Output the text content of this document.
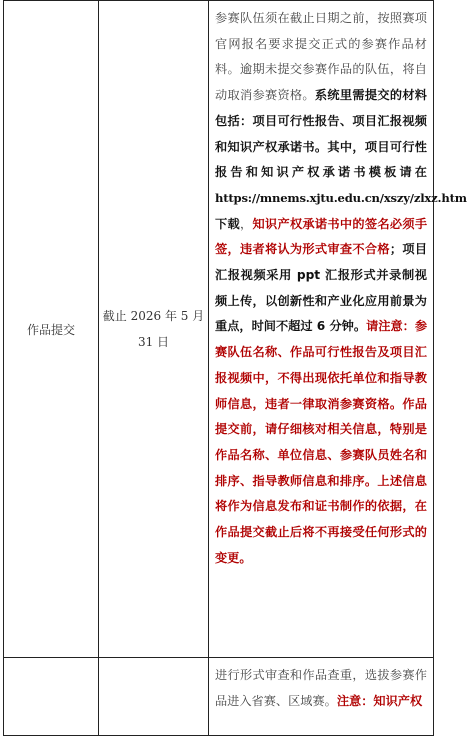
作品提交	截止 2026 年 5 月 31 日	参赛队伍须在截止日期之前，按照赛项官网报名要求提交正式的参赛作品材料。逾期未提交参赛作品的队伍，将自动取消参赛资格。系统里需提交的材料包括：项目可行性报告、项目汇报视频和知识产权承诺书。其中，项目可行性报告和知识产权承诺书模板请在https://mnems.xjtu.edu.cn/xszy/zlxz.htm下载，知识产权承诺书中的签名必须手签，违者将认为形式审查不合格；项目汇报视频采用 ppt 汇报形式并录制视频上传，以创新性和产业化应用前景为重点，时间不超过 6 分钟。请注意：参赛队伍名称、作品可行性报告及项目汇报视频中，不得出现依托单位和指导教师信息，违者一律取消参赛资格。作品提交前，请仔细核对相关信息，特别是作品名称、单位信息、参赛队员姓名和排序、指导教师信息和排序。上述信息将作为信息发布和证书制作的依据，在作品提交截止后将不再接受任何形式的变更。
		进行形式审查和作品查重，选拔参赛作品进入省赛、区域赛。注意：知识产权
